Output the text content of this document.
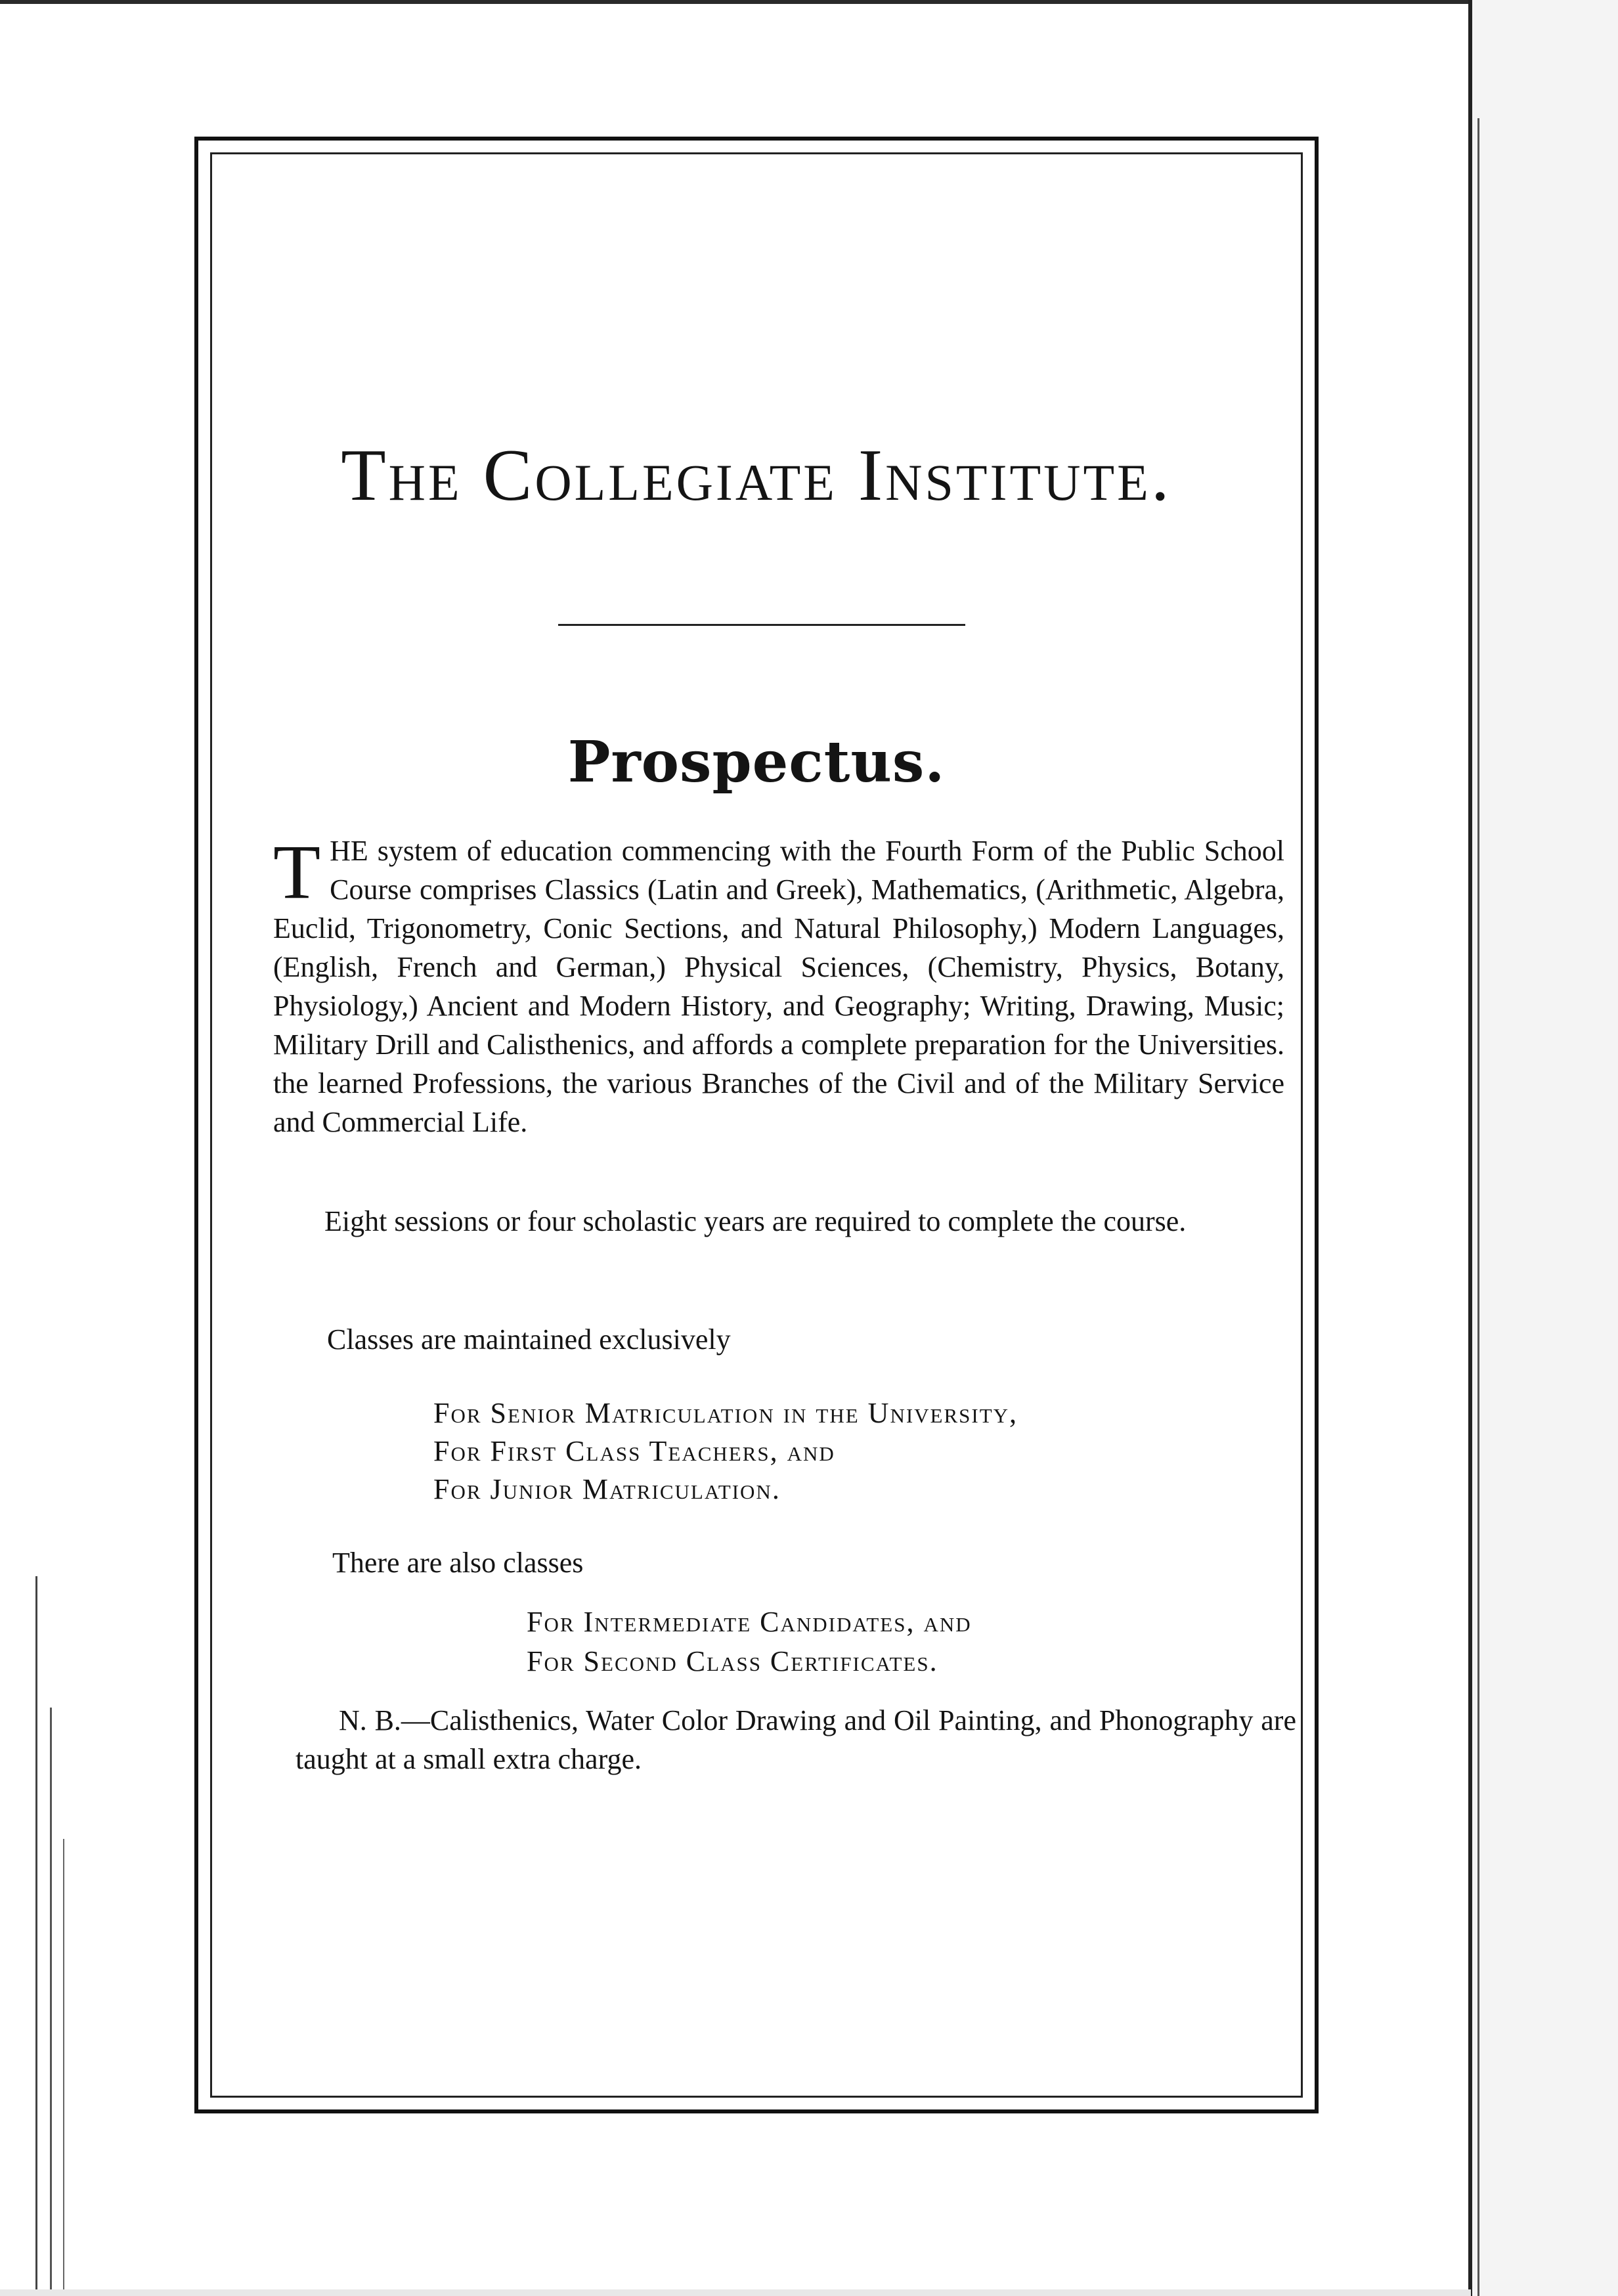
The Collegiate Institute.
Prospectus.
THE system of education commencing with the Fourth Form of the Public School Course comprises Classics (Latin and Greek), Mathematics, (Arithmetic, Algebra, Euclid, Trigonometry, Conic Sections, and Natural Philosophy,) Modern Languages, (English, French and German,) Physical Sciences, (Chemistry, Physics, Botany, Physiology,) Ancient and Modern History, and Geography; Writing, Drawing, Music; Military Drill and Calisthenics, and affords a complete preparation for the Universities. the learned Professions, the various Branches of the Civil and of the Military Service and Commercial Life.
Eight sessions or four scholastic years are required to complete the course.
Classes are maintained exclusively
For Senior Matriculation in the University,
For First Class Teachers, and
For Junior Matriculation.
There are also classes
For Intermediate Candidates, and
For Second Class Certificates.
N. B.—Calisthenics, Water Color Drawing and Oil Painting, and Phonography are taught at a small extra charge.
